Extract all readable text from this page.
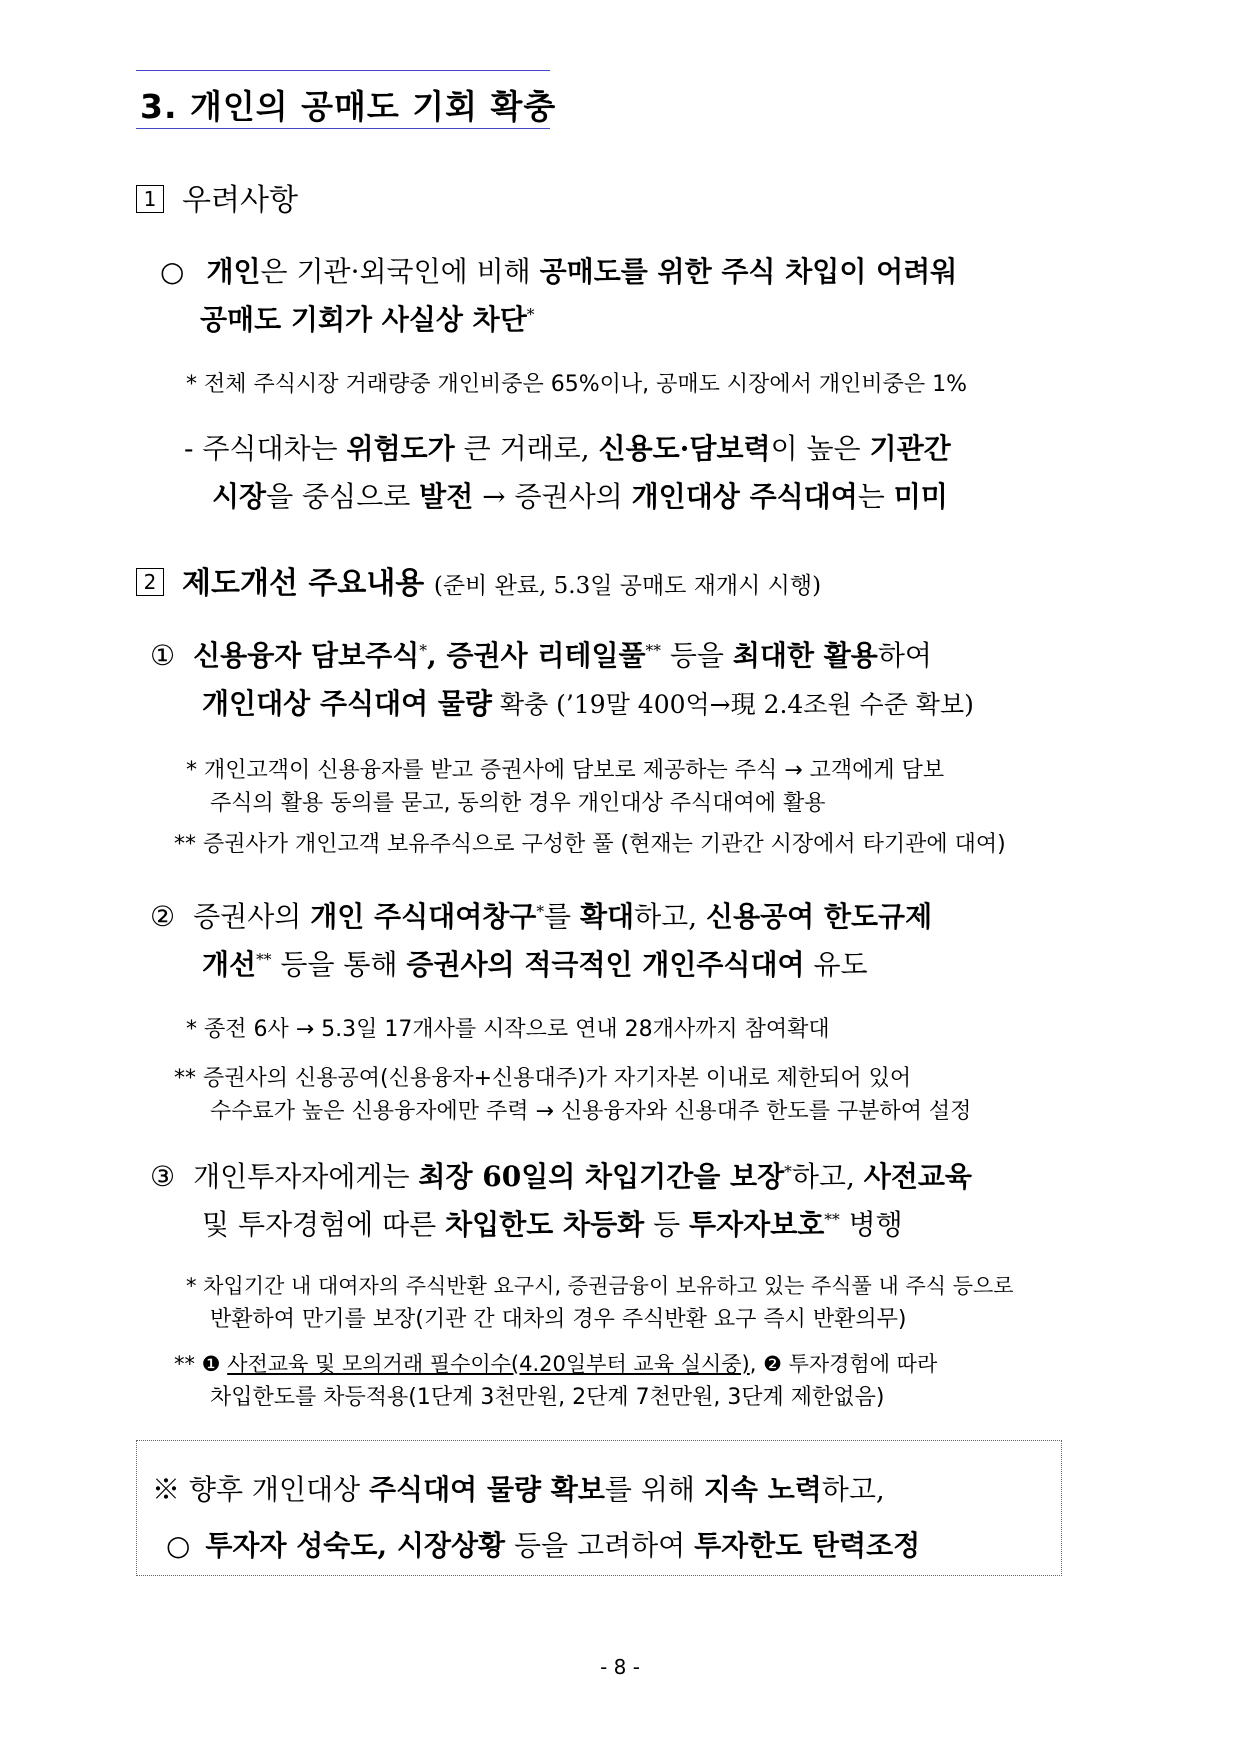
3. 개인의 공매도 기회 확충
1 우려사항
○ 개인은 기관·외국인에 비해 공매도를 위한 주식 차입이 어려워
공매도 기회가 사실상 차단*
* 전체 주식시장 거래량중 개인비중은 65%이나, 공매도 시장에서 개인비중은 1%
- 주식대차는 위험도가 큰 거래로, 신용도·담보력이 높은 기관간
시장을 중심으로 발전 → 증권사의 개인대상 주식대여는 미미
2 제도개선 주요내용 (준비 완료, 5.3일 공매도 재개시 시행)
① 신용융자 담보주식*, 증권사 리테일풀** 등을 최대한 활용하여
개인대상 주식대여 물량 확충 (’19말 400억→現 2.4조원 수준 확보)
* 개인고객이 신용융자를 받고 증권사에 담보로 제공하는 주식 → 고객에게 담보
주식의 활용 동의를 묻고, 동의한 경우 개인대상 주식대여에 활용
** 증권사가 개인고객 보유주식으로 구성한 풀 (현재는 기관간 시장에서 타기관에 대여)
② 증권사의 개인 주식대여창구*를 확대하고, 신용공여 한도규제
개선** 등을 통해 증권사의 적극적인 개인주식대여 유도
* 종전 6사 → 5.3일 17개사를 시작으로 연내 28개사까지 참여확대
** 증권사의 신용공여(신용융자+신용대주)가 자기자본 이내로 제한되어 있어
수수료가 높은 신용융자에만 주력 → 신용융자와 신용대주 한도를 구분하여 설정
③ 개인투자자에게는 최장 60일의 차입기간을 보장*하고, 사전교육
및 투자경험에 따른 차입한도 차등화 등 투자자보호** 병행
* 차입기간 내 대여자의 주식반환 요구시, 증권금융이 보유하고 있는 주식풀 내 주식 등으로
반환하여 만기를 보장(기관 간 대차의 경우 주식반환 요구 즉시 반환의무)
** ❶ 사전교육 및 모의거래 필수이수(4.20일부터 교육 실시중), ❷ 투자경험에 따라
차입한도를 차등적용(1단계 3천만원, 2단계 7천만원, 3단계 제한없음)
※ 향후 개인대상 주식대여 물량 확보를 위해 지속 노력하고,
○ 투자자 성숙도, 시장상황 등을 고려하여 투자한도 탄력조정
- 8 -
